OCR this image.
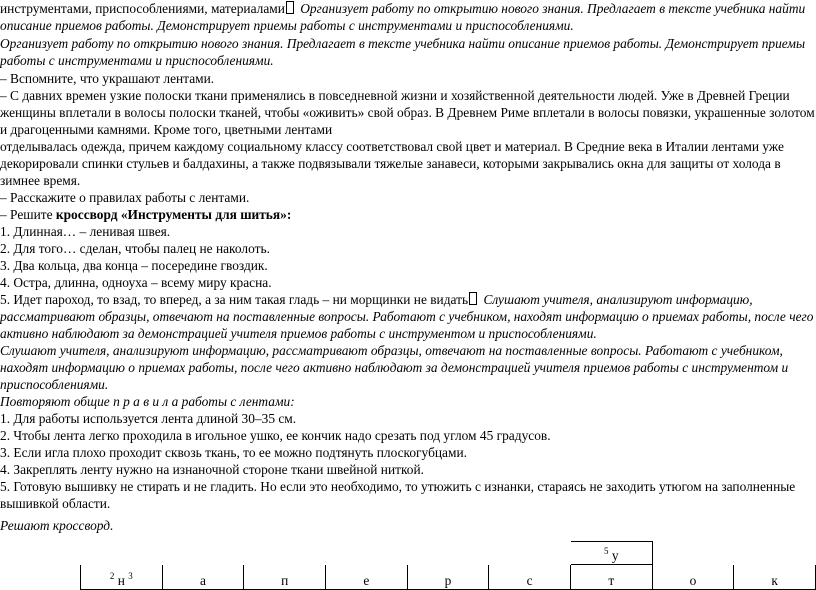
инструментами, приспособлениями, материалами Организует работу по открытию нового знания. Предлагает в тексте учебника найти
описание приемов работы. Демонстрирует приемы работы с инструментами и приспособлениями.
Организует работу по открытию нового знания. Предлагает в тексте учебника найти описание приемов работы. Демонстрирует приемы
работы с инструментами и приспособлениями.
– Вспомните, что украшают лентами.
– С давних времен узкие полоски ткани применялись в повседневной жизни и хозяйственной деятельности людей. Уже в Древней Греции
женщины вплетали в волосы полоски тканей, чтобы «оживить» свой образ. В Древнем Риме вплетали в волосы повязки, украшенные золотом
и драгоценными камнями. Кроме того, цветными лентами
отделывалась одежда, причем каждому социальному классу соответствовал свой цвет и материал. В Средние века в Италии лентами уже
декорировали спинки стульев и балдахины, а также подвязывали тяжелые занавеси, которыми закрывались окна для защиты от холода в
зимнее время.
– Расскажите о правилах работы с лентами.
– Решите кроссворд «Инструменты для шитья»:
1. Длинная… – ленивая швея.
2. Для того… сделан, чтобы палец не наколоть.
3. Два кольца, два конца – посередине гвоздик.
4. Остра, длинна, одноуха – всему миру красна.
5. Идет пароход, то взад, то вперед, а за ним такая гладь – ни морщинки не видать Слушают учителя, анализируют информацию,
рассматривают образцы, отвечают на поставленные вопросы. Работают с учебником, находят информацию о приемах работы, после чего
активно наблюдают за демонстрацией учителя приемов работы с инструментом и приспособлениями.
Слушают учителя, анализируют информацию, рассматривают образцы, отвечают на поставленные вопросы. Работают с учебником,
находят информацию о приемах работы, после чего активно наблюдают за демонстрацией учителя приемов работы с инструментом и
приспособлениями.
Повторяют общие п р а в и л а работы с лентами:
1. Для работы используется лента длиной 30–35 см.
2. Чтобы лента легко проходила в игольное ушко, ее кончик надо срезать под углом 45 градусов.
3. Если игла плохо проходит сквозь ткань, то ее можно подтянуть плоскогубцами.
4. Закреплять ленту нужно на изнаночной стороне ткани швейной ниткой.
5. Готовую вышивку не стирать и не гладить. Но если это необходимо, то утюжить с изнанки, стараясь не заходить утюгом на заполненные
вышивкой области.
Решают кроссворд.
						$^5$ у		
$^2$ н $^3$	а	п	е	р	с	т	о	к
